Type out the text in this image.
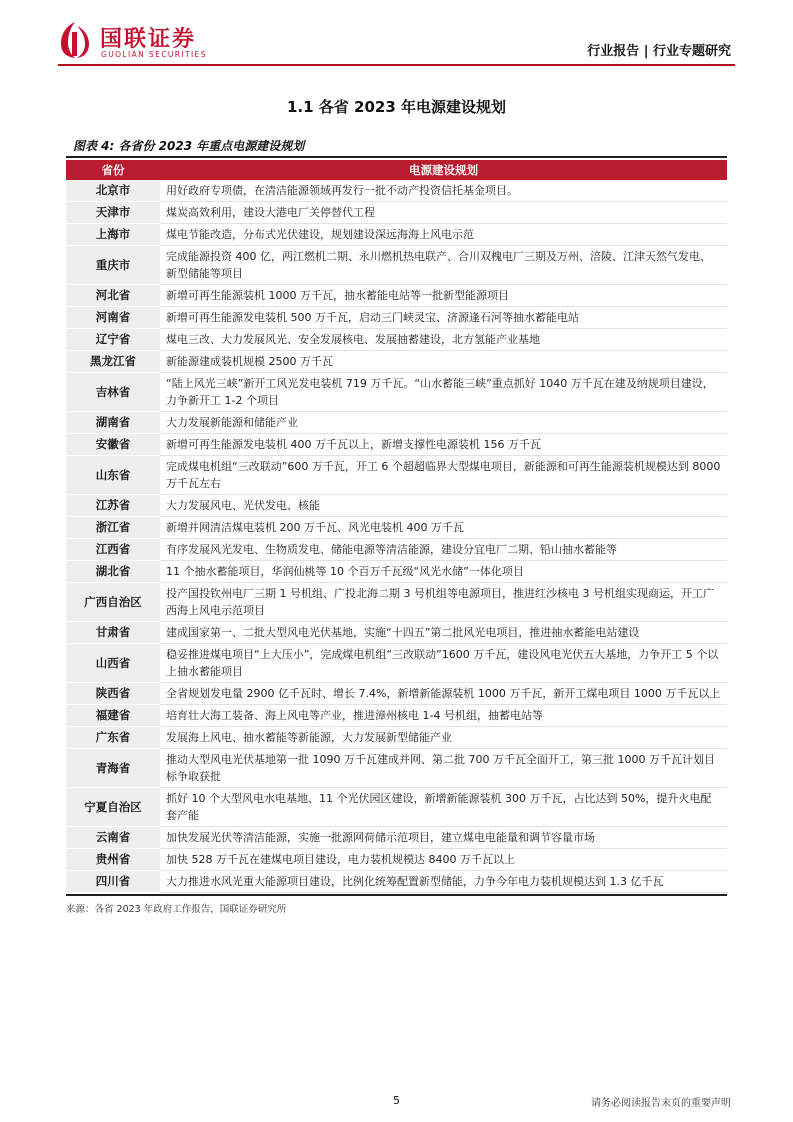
国联证券
GUOLIAN SECURITIES	行业报告 | 行业专题研究
1.1 各省 2023 年电源建设规划
图表 4: 各省份 2023 年重点电源建设规划
省份	电源建设规划
北京市	用好政府专项债，在清洁能源领域再发行一批不动产投资信托基金项目。
天津市	煤炭高效利用，建设大港电厂关停替代工程
上海市	煤电节能改造，分布式光伏建设，规划建设深远海海上风电示范
重庆市	完成能源投资 400 亿，两江燃机二期、永川燃机热电联产、合川双槐电厂三期及万州、涪陵、江津天然气发电、新型储能等项目
河北省	新增可再生能源装机 1000 万千瓦，抽水蓄能电站等一批新型能源项目
河南省	新增可再生能源发电装机 500 万千瓦，启动三门峡灵宝、济源逢石河等抽水蓄能电站
辽宁省	煤电三改、大力发展风光、安全发展核电、发展抽蓄建设，北方氢能产业基地
黑龙江省	新能源建成装机规模 2500 万千瓦
吉林省	“陆上风光三峡”新开工风光发电装机 719 万千瓦。“山水蓄能三峡”重点抓好 1040 万千瓦在建及纳规项目建设，力争新开工 1-2 个项目
湖南省	大力发展新能源和储能产业
安徽省	新增可再生能源发电装机 400 万千瓦以上，新增支撑性电源装机 156 万千瓦
山东省	完成煤电机组“三改联动”600 万千瓦，开工 6 个超超临界大型煤电项目，新能源和可再生能源装机规模达到 8000 万千瓦左右
江苏省	大力发展风电、光伏发电、核能
浙江省	新增并网清洁煤电装机 200 万千瓦、风光电装机 400 万千瓦
江西省	有序发展风光发电、生物质发电、储能电源等清洁能源，建设分宜电厂二期、铅山抽水蓄能等
湖北省	11 个抽水蓄能项目，华润仙桃等 10 个百万千瓦级“风光水储”一体化项目
广西自治区	投产国投钦州电厂三期 1 号机组、广投北海二期 3 号机组等电源项目，推进红沙核电 3 号机组实现商运，开工广西海上风电示范项目
甘肃省	建成国家第一、二批大型风电光伏基地，实施“十四五”第二批风光电项目，推进抽水蓄能电站建设
山西省	稳妥推进煤电项目“上大压小”，完成煤电机组“三改联动”1600 万千瓦，建设风电光伏五大基地，力争开工 5 个以上抽水蓄能项目
陕西省	全省规划发电量 2900 亿千瓦时、增长 7.4%，新增新能源装机 1000 万千瓦，新开工煤电项目 1000 万千瓦以上
福建省	培育壮大海工装备、海上风电等产业，推进漳州核电 1-4 号机组，抽蓄电站等
广东省	发展海上风电、抽水蓄能等新能源，大力发展新型储能产业
青海省	推动大型风电光伏基地第一批 1090 万千瓦建成并网、第二批 700 万千瓦全面开工，第三批 1000 万千瓦计划目标争取获批
宁夏自治区	抓好 10 个大型风电水电基地、11 个光伏园区建设，新增新能源装机 300 万千瓦，占比达到 50%，提升火电配套产能
云南省	加快发展光伏等清洁能源，实施一批源网荷储示范项目，建立煤电电能量和调节容量市场
贵州省	加快 528 万千瓦在建煤电项目建设，电力装机规模达 8400 万千瓦以上
四川省	大力推进水风光重大能源项目建设，比例化统筹配置新型储能，力争今年电力装机规模达到 1.3 亿千瓦
来源：各省 2023 年政府工作报告，国联证券研究所
5	请务必阅读报告末页的重要声明
